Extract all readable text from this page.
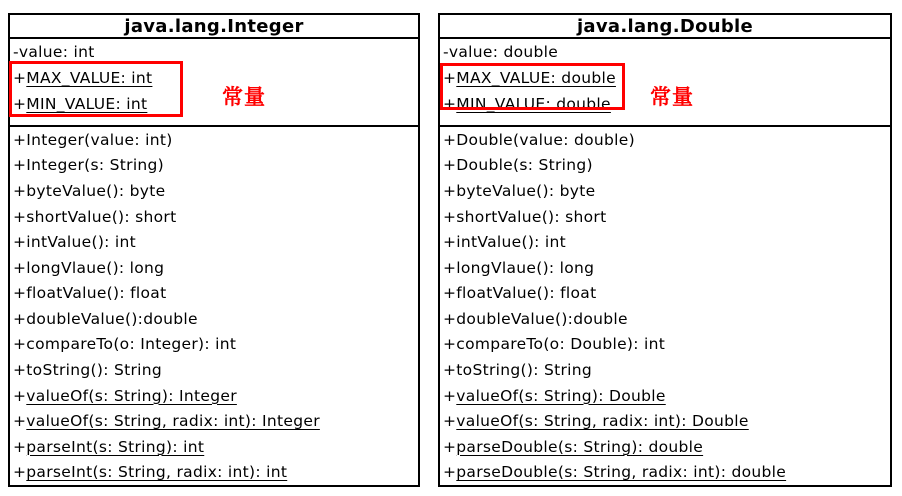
java.lang.Integer
- value: int
+ MAX_VALUE: int
+ MIN_VALUE: int
+ Integer(value: int)
+ Integer(s: String)
+ byteValue(): byte
+ shortValue(): short
+ intValue(): int
+ longVlaue(): long
+ floatValue(): float
+ doubleValue():double
+ compareTo(o: Integer): int
+ toString(): String
+ valueOf(s: String): Integer
+ valueOf(s: String, radix: int): Integer
+ parseInt(s: String): int
+ parseInt(s: String, radix: int): int
常量
java.lang.Double
- value: double
+ MAX_VALUE: double
+ MIN_VALUE: double
+ Double(value: double)
+ Double(s: String)
+ byteValue(): byte
+ shortValue(): short
+ intValue(): int
+ longVlaue(): long
+ floatValue(): float
+ doubleValue():double
+ compareTo(o: Double): int
+ toString(): String
+ valueOf(s: String): Double
+ valueOf(s: String, radix: int): Double
+ parseDouble(s: String): double
+ parseDouble(s: String, radix: int): double
常量
